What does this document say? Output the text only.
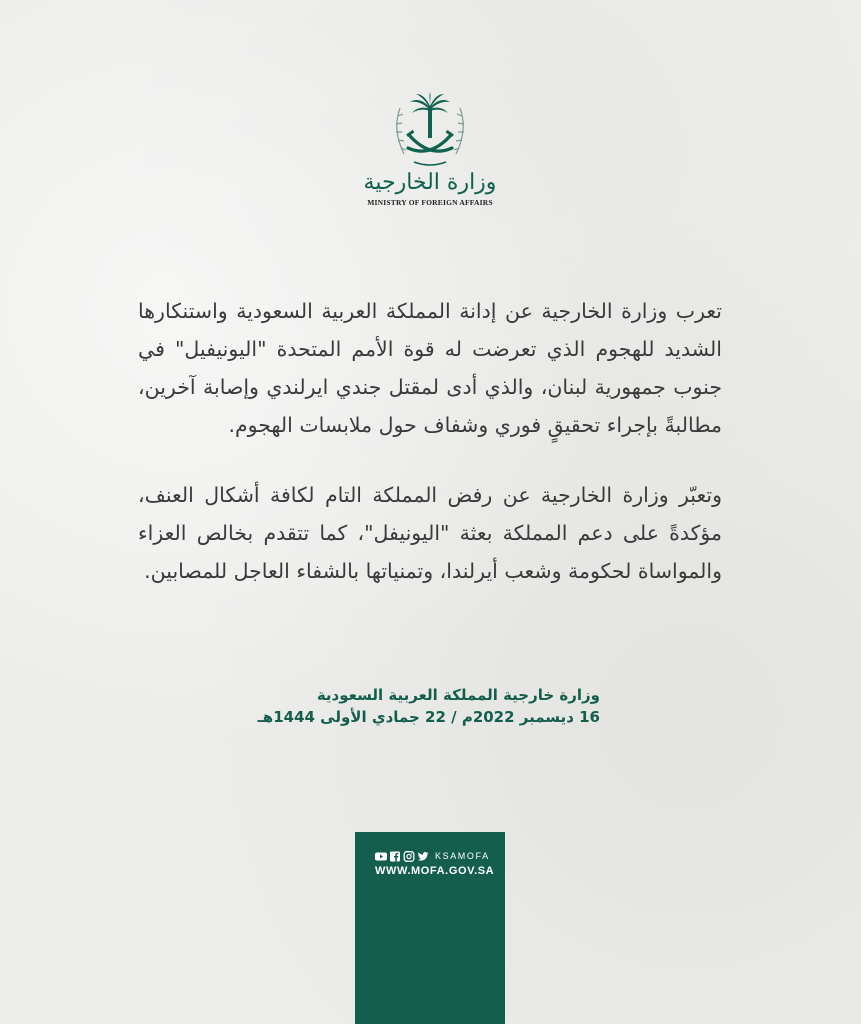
وزارة الخارجية
MINISTRY OF FOREIGN AFFAIRS

تعرب وزارة الخارجية عن إدانة المملكة العربية السعودية واستنكارها الشديد للهجوم الذي تعرضت له قوة الأمم المتحدة "اليونيفيل" في جنوب جمهورية لبنان، والذي أدى لمقتل جندي ايرلندي وإصابة آخرين، مطالبةً بإجراء تحقيقٍ فوري وشفاف حول ملابسات الهجوم.

وتعبّر وزارة الخارجية عن رفض المملكة التام لكافة أشكال العنف، مؤكدةً على دعم المملكة بعثة "اليونيفل"، كما تتقدم بخالص العزاء والمواساة لحكومة وشعب أيرلندا، وتمنياتها بالشفاء العاجل للمصابين.

وزارة خارجية المملكة العربية السعودية
16 ديسمبر 2022م / 22 جمادي الأولى 1444هـ
KSAMOFA
WWW.MOFA.GOV.SA
